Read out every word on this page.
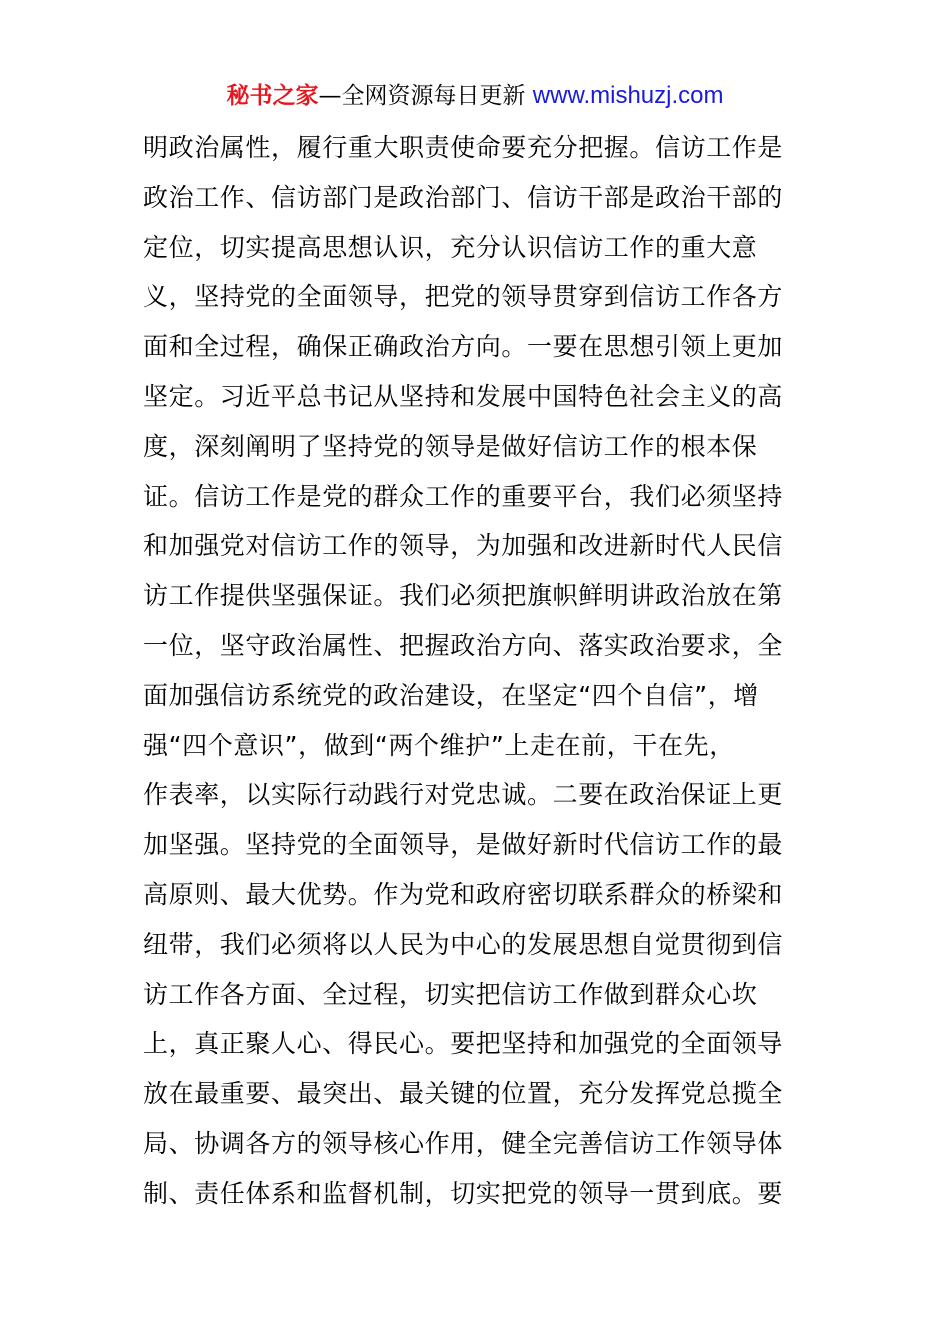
秘书之家—全网资源每日更新 www.mishuzj.com
明政治属性，履行重大职责使命要充分把握。信访工作是
政治工作、信访部门是政治部门、信访干部是政治干部的
定位，切实提高思想认识，充分认识信访工作的重大意
义，坚持党的全面领导，把党的领导贯穿到信访工作各方
面和全过程，确保正确政治方向。一要在思想引领上更加
坚定。习近平总书记从坚持和发展中国特色社会主义的高
度，深刻阐明了坚持党的领导是做好信访工作的根本保
证。信访工作是党的群众工作的重要平台，我们必须坚持
和加强党对信访工作的领导，为加强和改进新时代人民信
访工作提供坚强保证。我们必须把旗帜鲜明讲政治放在第
一位，坚守政治属性、把握政治方向、落实政治要求，全
面加强信访系统党的政治建设，在坚定“四个自信”，增
强“四个意识”，做到“两个维护”上走在前，干在先，
作表率，以实际行动践行对党忠诚。二要在政治保证上更
加坚强。坚持党的全面领导，是做好新时代信访工作的最
高原则、最大优势。作为党和政府密切联系群众的桥梁和
纽带，我们必须将以人民为中心的发展思想自觉贯彻到信
访工作各方面、全过程，切实把信访工作做到群众心坎
上，真正聚人心、得民心。要把坚持和加强党的全面领导
放在最重要、最突出、最关键的位置，充分发挥党总揽全
局、协调各方的领导核心作用，健全完善信访工作领导体
制、责任体系和监督机制，切实把党的领导一贯到底。要
